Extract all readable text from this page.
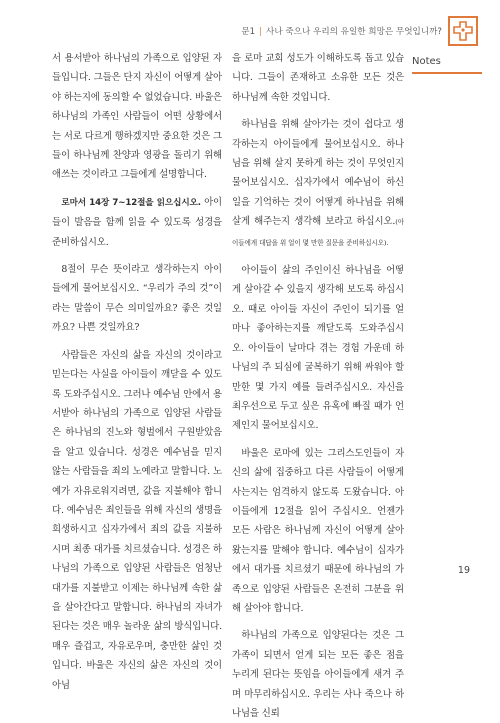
문1 | 사나 죽으나 우리의 유일한 희망은 무엇입니까?
Notes

서 용서받아 하나님의 가족으로 입양된 자들입니다. 그들은 단지 자신이 어떻게 살아야 하는지에 동의할 수 없었습니다. 바울은 하나님의 가족인 사람들이 어떤 상황에서는 서로 다르게 행하겠지만 중요한 것은 그들이 하나님께 찬양과 영광을 돌리기 위해 애쓰는 것이라고 그들에게 설명합니다.

로마서 14장 7~12절을 읽으십시오. 아이들이 발음을 함께 읽을 수 있도록 성경을 준비하십시오.

8절이 무슨 뜻이라고 생각하는지 아이들에게 물어보십시오. “우리가 주의 것”이라는 말씀이 무슨 의미일까요? 좋은 것일까요? 나쁜 것일까요?

사람들은 자신의 삶을 자신의 것이라고 믿는다는 사실을 아이들이 깨닫을 수 있도록 도와주십시오. 그러나 예수님 안에서 용서받아 하나님의 가족으로 입양된 사람들은 하나님의 진노와 형벌에서 구원받았음을 알고 있습니다. 성경은 예수님을 믿지 않는 사람들을 죄의 노예라고 말합니다. 노예가 자유로워지려면, 값을 지불해야 합니다. 예수님은 죄인들을 위해 자신의 생명을 희생하시고 십자가에서 죄의 값을 지불하시며 최종 대가를 치르셨습니다. 성경은 하나님의 가족으로 입양된 사람들은 엄청난 대가를 지불받고 이제는 하나님께 속한 삶을 살아간다고 말합니다. 하나님의 자녀가 된다는 것은 매우 놀라운 삶의 방식입니다. 매우 즐겁고, 자유로우며, 충만한 삶인 것입니다. 바울은 자신의 삶은 자신의 것이 아님

을 로마 교회 성도가 이해하도록 돕고 있습니다. 그들이 존재하고 소유한 모든 것은 하나님께 속한 것입니다.

하나님을 위해 살아가는 것이 쉽다고 생각하는지 아이들에게 물어보십시오. 하나님을 위해 살지 못하게 하는 것이 무엇인지 물어보십시오. 십자가에서 예수님이 하신 일을 기억하는 것이 어떻게 하나님을 위해 살게 해주는지 생각해 보라고 하십시오.(아이들에게 대답을 위 얼이 몇 만한 질문을 준비하십시오).

아이들이 삶의 주인이신 하나님을 어떻게 살아갈 수 있을지 생각해 보도록 하십시오. 때로 아이들 자신이 주인이 되기를 얼마나 좋아하는지를 깨닫도록 도와주십시오. 아이들이 날마다 겪는 경험 가운데 하나님의 주 되심에 굴복하기 위해 싸워야 할 만한 몇 가지 예를 들려주십시오. 자신을 최우선으로 두고 싶은 유혹에 빠질 때가 언제인지 물어보십시오.

바울은 로마에 있는 그리스도인들이 자신의 삶에 집중하고 다른 사람들이 어떻게 사는지는 엄격하지 않도록 도왔습니다. 아이들에게 12절을 읽어 주십시오. 언젠가 모든 사람은 하나님께 자신이 어떻게 살아왔는지를 말해야 합니다. 예수님이 십자가에서 대가를 치르셨기 때문에 하나님의 가족으로 입양된 사람들은 온전히 그분을 위해 살아야 합니다.

하나님의 가족으로 입양된다는 것은 그 가족이 되면서 얻게 되는 모든 좋은 점을 누리게 된다는 뜻임을 아이들에게 새겨 주며 마무리하십시오. 우리는 사나 죽으나 하나님을 신뢰

19
